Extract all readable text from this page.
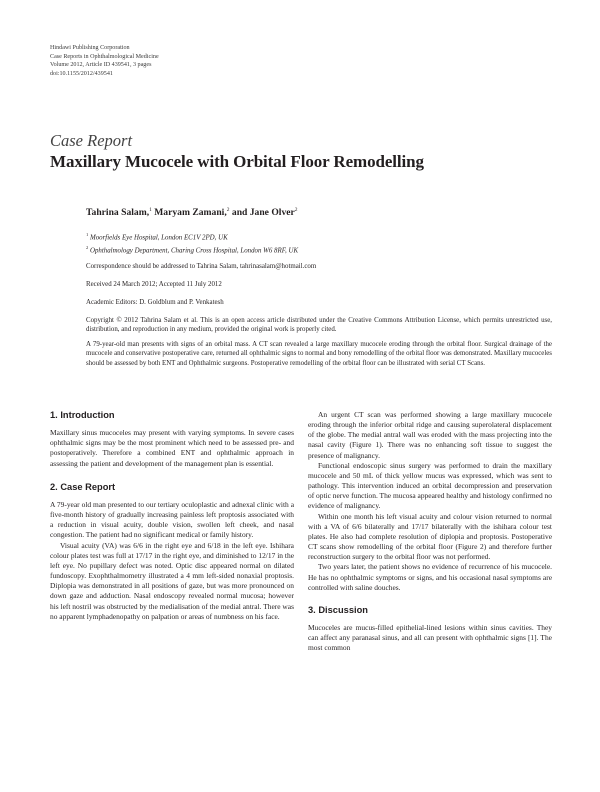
Hindawi Publishing Corporation
Case Reports in Ophthalmological Medicine
Volume 2012, Article ID 439541, 3 pages
doi:10.1155/2012/439541
Case Report
Maxillary Mucocele with Orbital Floor Remodelling
Tahrina Salam,$^1$ Maryam Zamani,$^2$ and Jane Olver$^2$
$^1$ Moorfields Eye Hospital, London EC1V 2PD, UK
$^2$ Ophthalmology Department, Charing Cross Hospital, London W6 8RF, UK
Correspondence should be addressed to Tahrina Salam, tahrinasalam@hotmail.com
Received 24 March 2012; Accepted 11 July 2012
Academic Editors: D. Goldblum and P. Venkatesh
Copyright © 2012 Tahrina Salam et al. This is an open access article distributed under the Creative Commons Attribution License, which permits unrestricted use, distribution, and reproduction in any medium, provided the original work is properly cited.
A 79-year-old man presents with signs of an orbital mass. A CT scan revealed a large maxillary mucocele eroding through the orbital floor. Surgical drainage of the mucocele and conservative postoperative care, returned all ophthalmic signs to normal and bony remodelling of the orbital floor was demonstrated. Maxillary mucoceles should be assessed by both ENT and Ophthalmic surgeons. Postoperative remodelling of the orbital floor can be illustrated with serial CT Scans.
1. Introduction

Maxillary sinus mucoceles may present with varying symptoms. In severe cases ophthalmic signs may be the most prominent which need to be assessed pre- and postoperatively. Therefore a combined ENT and ophthalmic approach in assessing the patient and development of the management plan is essential.

2. Case Report

A 79-year old man presented to our tertiary oculoplastic and adnexal clinic with a five-month history of gradually increasing painless left proptosis associated with a reduction in visual acuity, double vision, swollen left cheek, and nasal congestion. The patient had no significant medical or family history.

Visual acuity (VA) was 6/6 in the right eye and 6/18 in the left eye. Ishihara colour plates test was full at 17/17 in the right eye, and diminished to 12/17 in the left eye. No pupillary defect was noted. Optic disc appeared normal on dilated fundoscopy. Exophthalmometry illustrated a 4 mm left-sided nonaxial proptosis. Diplopia was demonstrated in all positions of gaze, but was more pronounced on down gaze and adduction. Nasal endoscopy revealed normal mucosa; however his left nostril was obstructed by the medialisation of the medial antral. There was no apparent lymphadenopathy on palpation or areas of numbness on his face.

An urgent CT scan was performed showing a large maxillary mucocele eroding through the inferior orbital ridge and causing superolateral displacement of the globe. The medial antral wall was eroded with the mass projecting into the nasal cavity (Figure 1). There was no enhancing soft tissue to suggest the presence of malignancy.

Functional endoscopic sinus surgery was performed to drain the maxillary mucocele and 50 mL of thick yellow mucus was expressed, which was sent to pathology. This intervention induced an orbital decompression and preservation of optic nerve function. The mucosa appeared healthy and histology confirmed no evidence of malignancy.

Within one month his left visual acuity and colour vision returned to normal with a VA of 6/6 bilaterally and 17/17 bilaterally with the ishihara colour test plates. He also had complete resolution of diplopia and proptosis. Postoperative CT scans show remodelling of the orbital floor (Figure 2) and therefore further reconstruction surgery to the orbital floor was not performed.

Two years later, the patient shows no evidence of recurrence of his mucocele. He has no ophthalmic symptoms or signs, and his occasional nasal symptoms are controlled with saline douches.

3. Discussion

Mucoceles are mucus-filled epithelial-lined lesions within sinus cavities. They can affect any paranasal sinus, and all can present with ophthalmic signs [1]. The most common
